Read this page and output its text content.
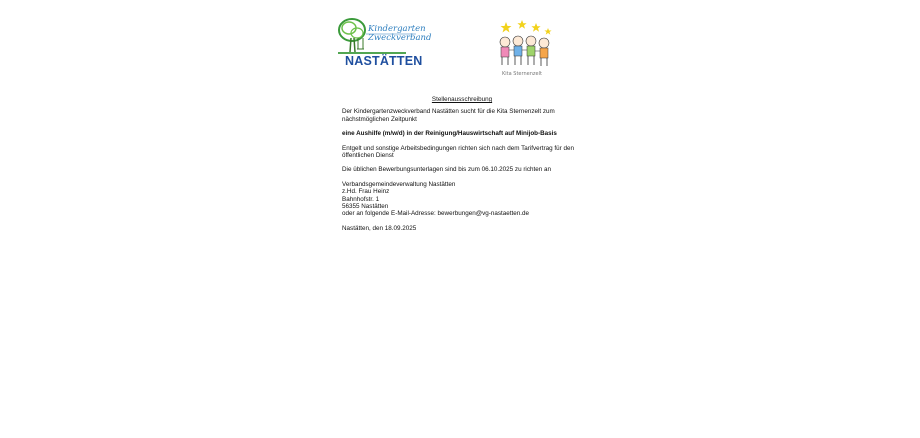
Kindergarten
Zweckverband
NASTÄTTEN
Kita Sternenzelt

Stellenausschreibung

Der Kindergartenzweckverband Nastätten sucht für die Kita Sternenzelt zum nächstmöglichen Zeitpunkt

eine Aushilfe (m/w/d) in der Reinigung/Hauswirtschaft auf Minijob-Basis

Entgelt und sonstige Arbeitsbedingungen richten sich nach dem Tarifvertrag für den öffentlichen Dienst

Die üblichen Bewerbungsunterlagen sind bis zum 06.10.2025 zu richten an

Verbandsgemeindeverwaltung Nastätten

z.Hd. Frau Heinz

Bahnhofstr. 1

56355 Nastätten

oder an folgende E-Mail-Adresse: bewerbungen@vg-nastaetten.de

Nastätten, den 18.09.2025
